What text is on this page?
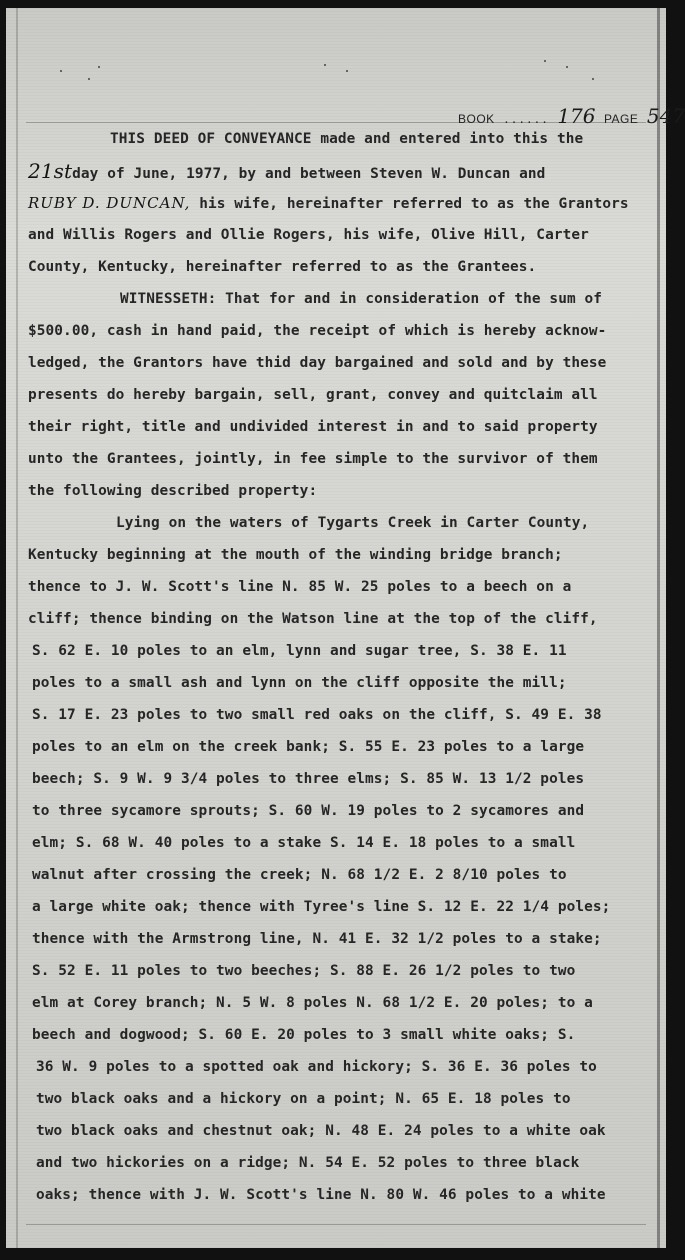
BOOK ...... 176 PAGE 547
THIS DEED OF CONVEYANCE made and entered into this the
21stday of June, 1977, by and between Steven W. Duncan and
RUBY D. DUNCAN, his wife, hereinafter referred to as the Grantors
and Willis Rogers and Ollie Rogers, his wife, Olive Hill, Carter
County, Kentucky, hereinafter referred to as the Grantees.
WITNESSETH: That for and in consideration of the sum of
$500.00, cash in hand paid, the receipt of which is hereby acknow-
ledged, the Grantors have thid day bargained and sold and by these
presents do hereby bargain, sell, grant, convey and quitclaim all
their right, title and undivided interest in and to said property
unto the Grantees, jointly, in fee simple to the survivor of them
the following described property:
Lying on the waters of Tygarts Creek in Carter County,
Kentucky beginning at the mouth of the winding bridge branch;
thence to J. W. Scott's line N. 85 W. 25 poles to a beech on a
cliff; thence binding on the Watson line at the top of the cliff,
S. 62 E. 10 poles to an elm, lynn and sugar tree, S. 38 E. 11
poles to a small ash and lynn on the cliff opposite the mill;
S. 17 E. 23 poles to two small red oaks on the cliff, S. 49 E. 38
poles to an elm on the creek bank; S. 55 E. 23 poles to a large
beech; S. 9 W. 9 3/4 poles to three elms; S. 85 W. 13 1/2 poles
to three sycamore sprouts; S. 60 W. 19 poles to 2 sycamores and
elm; S. 68 W. 40 poles to a stake S. 14 E. 18 poles to a small
walnut after crossing the creek; N. 68 1/2 E. 2 8/10 poles to
a large white oak; thence with Tyree's line S. 12 E. 22 1/4 poles;
thence with the Armstrong line, N. 41 E. 32 1/2 poles to a stake;
S. 52 E. 11 poles to two beeches; S. 88 E. 26 1/2 poles to two
elm at Corey branch; N. 5 W. 8 poles N. 68 1/2 E. 20 poles; to a
beech and dogwood; S. 60 E. 20 poles to 3 small white oaks; S.
36 W. 9 poles to a spotted oak and hickory; S. 36 E. 36 poles to
two black oaks and a hickory on a point; N. 65 E. 18 poles to
two black oaks and chestnut oak; N. 48 E. 24 poles to a white oak
and two hickories on a ridge; N. 54 E. 52 poles to three black
oaks; thence with J. W. Scott's line N. 80 W. 46 poles to a white
